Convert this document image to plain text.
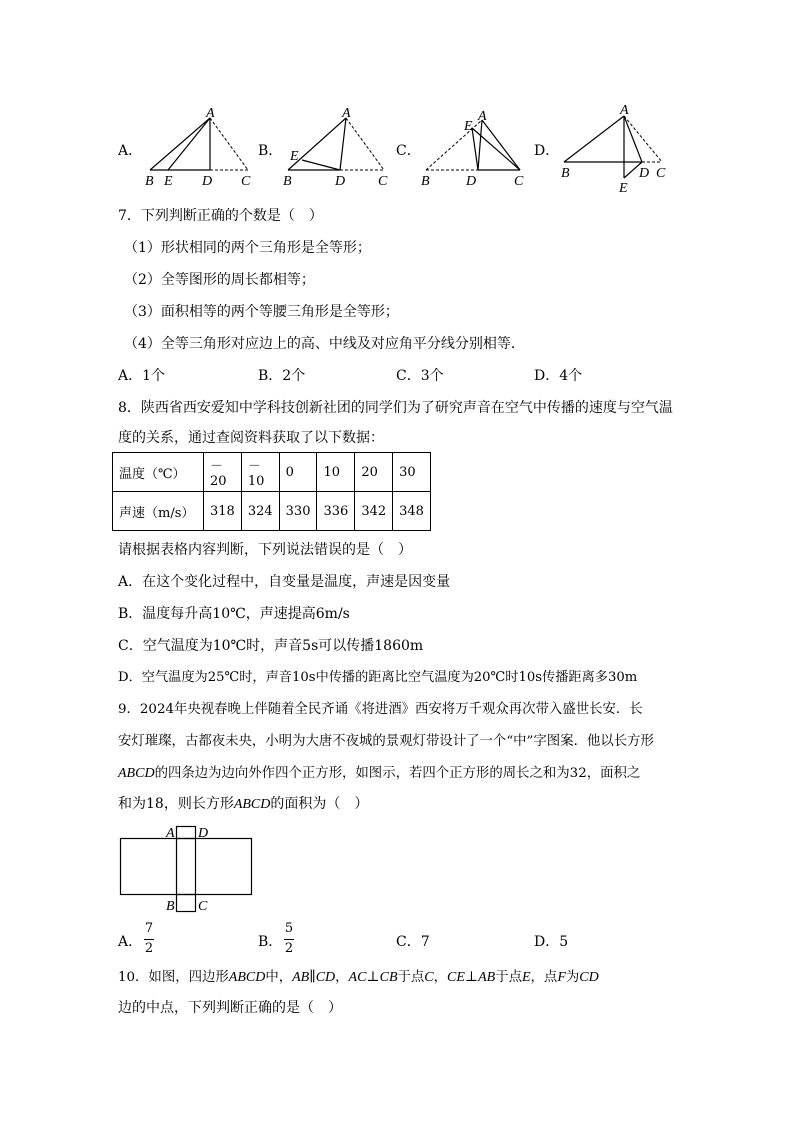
A．	B．	C．	D．
A
B E D C
A
E
B	D C
E
A
B	D	C
A
B
E
D C
7．下列判断正确的个数是（　）
（1）形状相同的两个三角形是全等形；
（2）全等图形的周长都相等；
（3）面积相等的两个等腰三角形是全等形；
（4）全等三角形对应边上的高、中线及对应角平分线分别相等．
A．1个	B．2个	C．3个	D．4个
8．陕西省西安爱知中学科技创新社团的同学们为了研究声音在空气中传播的速度与空气温
度的关系，通过查阅资料获取了以下数据：
温度（℃）	－20	－10	0	10	20	30
声速（m/s）	318	324	330	336	342	348
请根据表格内容判断，下列说法错误的是（　）
A．在这个变化过程中，自变量是温度，声速是因变量
B．温度每升高10℃，声速提高6m/s
C．空气温度为10℃时，声音5s可以传播1860m
D．空气温度为25℃时，声音10s中传播的距离比空气温度为20℃时10s传播距离多30m
9．2024年央视春晚上伴随着全民齐诵《将进酒》西安将万千观众再次带入盛世长安．长
安灯璀璨，古都夜未央，小明为大唐不夜城的景观灯带设计了一个“中”字图案．他以长方形
ABCD的四条边为边向外作四个正方形，如图示，若四个正方形的周长之和为32，面积之
和为18，则长方形ABCD的面积为（　）
A D
B C
A．
7
2	B．
5
2	C．7	D．5
10．如图，四边形ABCD中，AB∥CD，AC⊥CB于点C，CE⊥AB于点E，点F为CD
边的中点，下列判断正确的是（　）
